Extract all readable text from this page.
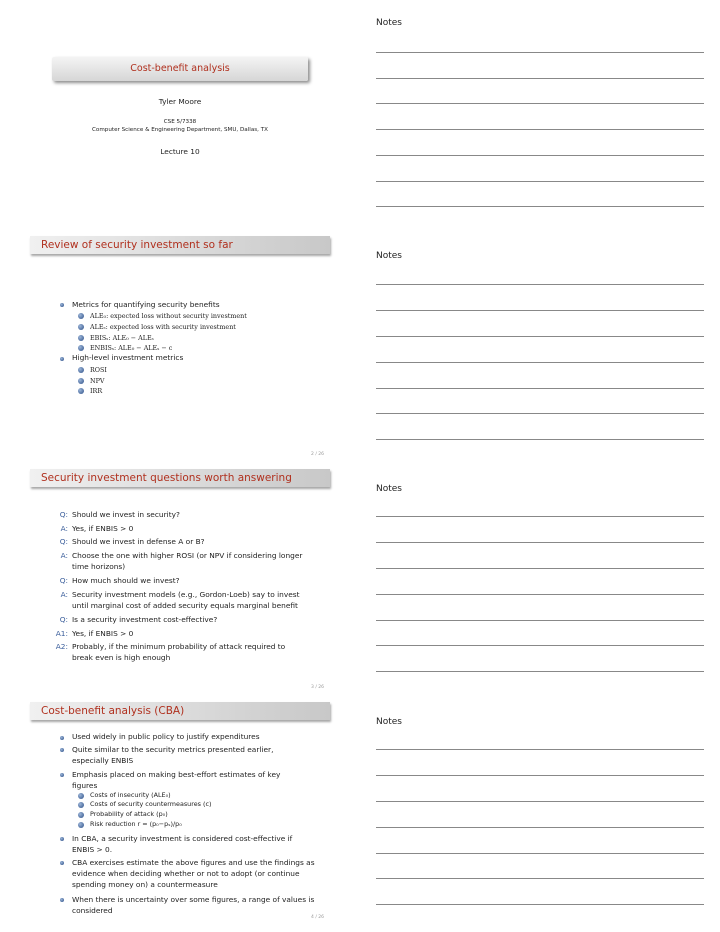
Cost-benefit analysis
Tyler Moore
CSE 5/7338
Computer Science & Engineering Department, SMU, Dallas, TX
Lecture 10
Notes
Review of security investment so far
Metrics for quantifying security benefits
ALE₀: expected loss without security investment
ALEₛ: expected loss with security investment
EBISₛ: ALE₀ − ALEₛ
ENBISₛ: ALE₀ − ALEₛ − c
High-level investment metrics
ROSI
NPV
IRR
2 / 26
Notes
Security investment questions worth answering
Q: Should we invest in security?
A: Yes, if ENBIS > 0
Q: Should we invest in defense A or B?
A: Choose the one with higher ROSI (or NPV if considering longer time horizons)
Q: How much should we invest?
A: Security investment models (e.g., Gordon-Loeb) say to invest until marginal cost of added security equals marginal benefit
Q: Is a security investment cost-effective?
A1: Yes, if ENBIS > 0
A2: Probably, if the minimum probability of attack required to break even is high enough
3 / 26
Notes
Cost-benefit analysis (CBA)
Used widely in public policy to justify expenditures
Quite similar to the security metrics presented earlier, especially ENBIS
Emphasis placed on making best-effort estimates of key figures
Costs of insecurity (ALE₀)
Costs of security countermeasures (c)
Probability of attack (p₀)
Risk reduction r = (p₀−pₛ)/p₀
In CBA, a security investment is considered cost-effective if ENBIS > 0.
CBA exercises estimate the above figures and use the findings as evidence when deciding whether or not to adopt (or continue spending money on) a countermeasure
When there is uncertainty over some figures, a range of values is considered
4 / 26
Notes
